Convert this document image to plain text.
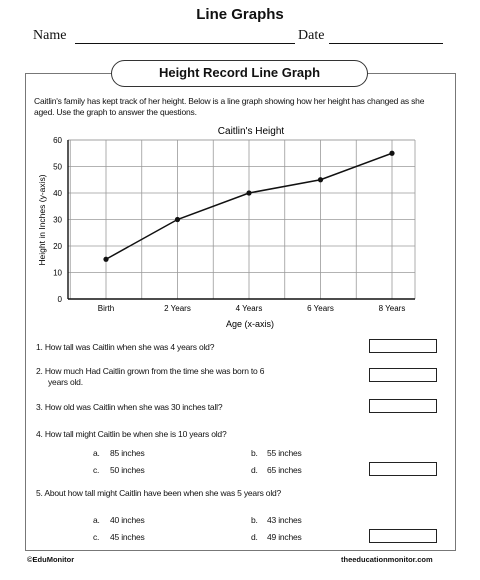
Line Graphs
Name	Date
Height Record Line Graph
Caitlin's family has kept track of her height. Below is a line graph showing how her height has changed as she aged. Use the graph to answer the questions.
Caitlin's Height
0
10
20
30
40
50
60
Birth	2 Years	4 Years	6 Years	8 Years
Age (x-axis)
Height in Inches (y-axis)
1. How tall was Caitlin when she was 4 years old?
2. How much Had Caitlin grown from the time she was born to 6
years old.
3. How old was Caitlin when she was 30 inches tall?
4. How tall might Caitlin be when she is 10 years old?
a. 85 inches	b. 55 inches
c. 50 inches	d. 65 inches
5. About how tall might Caitlin have been when she was 5 years old?
a. 40 inches	b. 43 inches
c. 45 inches	d. 49 inches
©EduMonitor	theeducationmonitor.com
